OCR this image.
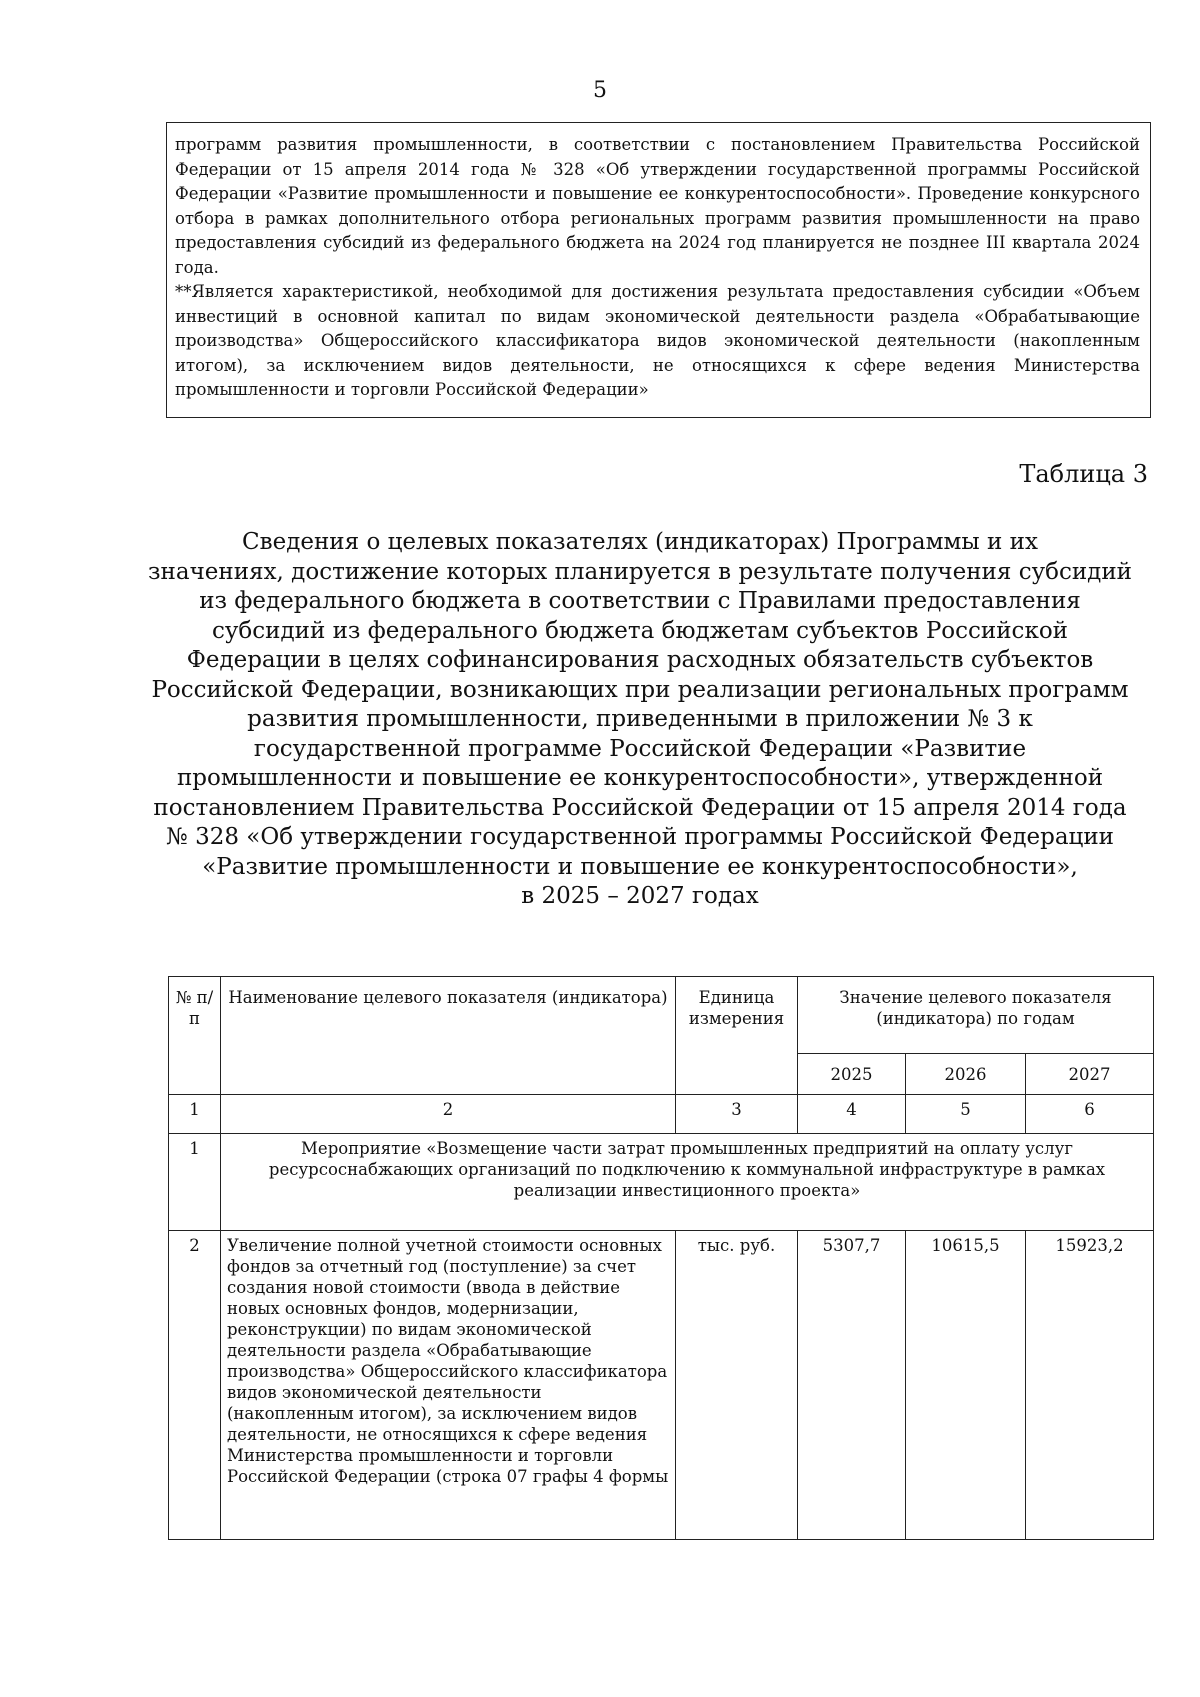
5

программ развития промышленности, в соответствии с постановлением Правительства Российской Федерации от 15 апреля 2014 года № 328 «Об утверждении государственной программы Российской Федерации «Развитие промышленности и повышение ее конкурентоспособности». Проведение конкурсного отбора в рамках дополнительного отбора региональных программ развития промышленности на право предоставления субсидий из федерального бюджета на 2024 год планируется не позднее III квартала 2024 года.

**Является характеристикой, необходимой для достижения результата предоставления субсидии «Объем инвестиций в основной капитал по видам экономической деятельности раздела «Обрабатывающие производства» Общероссийского классификатора видов экономической деятельности (накопленным итогом), за исключением видов деятельности, не относящихся к сфере ведения Министерства промышленности и торговли Российской Федерации»

Таблица 3
Сведения о целевых показателях (индикаторах) Программы и их
значениях, достижение которых планируется в результате получения субсидий
из федерального бюджета в соответствии с Правилами предоставления
субсидий из федерального бюджета бюджетам субъектов Российской
Федерации в целях софинансирования расходных обязательств субъектов
Российской Федерации, возникающих при реализации региональных программ
развития промышленности, приведенными в приложении № 3 к
государственной программе Российской Федерации «Развитие
промышленности и повышение ее конкурентоспособности», утвержденной
постановлением Правительства Российской Федерации от 15 апреля 2014 года
№ 328 «Об утверждении государственной программы Российской Федерации
«Развитие промышленности и повышение ее конкурентоспособности»,
в 2025 – 2027 годах
№ п/п	Наименование целевого показателя (индикатора)	Единица измерения	Значение целевого показателя (индикатора) по годам		
			2025	2026	2027
1	2	3	4	5	6
1	Мероприятие «Возмещение части затрат промышленных предприятий на оплату услуг ресурсоснабжающих организаций по подключению к коммунальной инфраструктуре в рамках реализации инвестиционного проекта»				
2	Увеличение полной учетной стоимости основных фондов за отчетный год (поступление) за счет создания новой стоимости (ввода в действие новых основных фондов, модернизации, реконструкции) по видам экономической деятельности раздела «Обрабатывающие производства» Общероссийского классификатора видов экономической деятельности (накопленным итогом), за исключением видов деятельности, не относящихся к сфере ведения Министерства промышленности и торговли Российской Федерации (строка 07 графы 4 формы	тыс. руб.	5307,7	10615,5	15923,2
